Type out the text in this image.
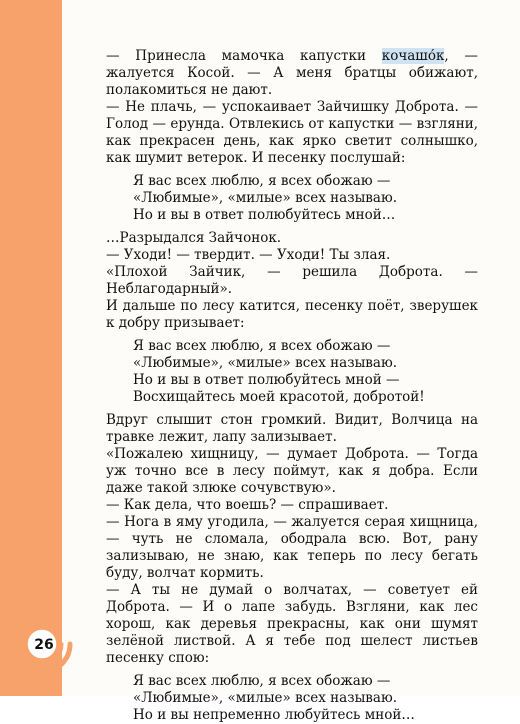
26

— Принесла мамочка капустки кочашо́к, — жалуется Косой. — А меня братцы обижают, полакомиться не дают.

— Не плачь, — успокаивает Зайчишку Доброта. — Голод — ерунда. Отвлекись от капустки — взгляни, как прекрасен день, как ярко светит солнышко, как шумит ветерок. И песенку послушай:

Я вас всех люблю, я всех обожаю —
«Любимые», «милые» всех называю.
Но и вы в ответ полюбуйтесь мной…

…Разрыдался Зайчонок.

— Уходи! — твердит. — Уходи! Ты злая.

«Плохой Зайчик, — решила Доброта. — Неблагодарный».

И дальше по лесу катится, песенку поёт, зверушек к добру призывает:

Я вас всех люблю, я всех обожаю —
«Любимые», «милые» всех называю.
Но и вы в ответ полюбуйтесь мной —
Восхищайтесь моей красотой, добротой!

Вдруг слышит стон громкий. Видит, Волчица на травке лежит, лапу зализывает.

«Пожалею хищницу, — думает Доброта. — Тогда уж точно все в лесу поймут, как я добра. Если даже такой злюке сочувствую».

— Как дела, что воешь? — спрашивает.

— Нога в яму угодила, — жалуется серая хищница, — чуть не сломала, ободрала всю. Вот, рану зализываю, не знаю, как теперь по лесу бегать буду, волчат кормить.

— А ты не думай о волчатах, — советует ей Доброта. — И о лапе забудь. Взгляни, как лес хорош, как деревья прекрасны, как они шумят зелёной листвой. А я тебе под шелест листьев песенку спою:

Я вас всех люблю, я всех обожаю —
«Любимые», «милые» всех называю.
Но и вы непременно любуйтесь мной…
